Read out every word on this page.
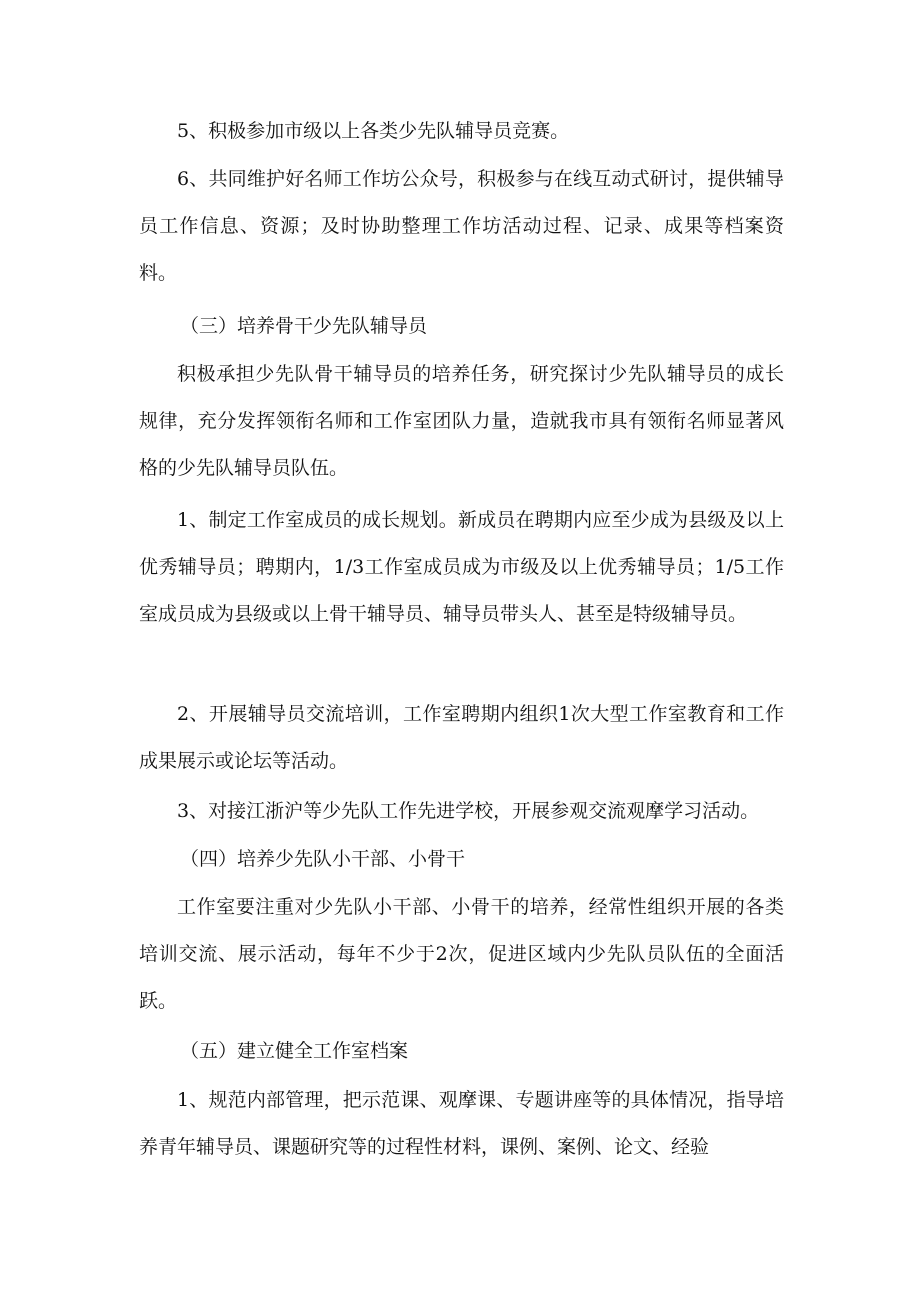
5、积极参加市级以上各类少先队辅导员竞赛。

6、共同维护好名师工作坊公众号，积极参与在线互动式研讨，提供辅导员工作信息、资源；及时协助整理工作坊活动过程、记录、成果等档案资料。

（三）培养骨干少先队辅导员

积极承担少先队骨干辅导员的培养任务，研究探讨少先队辅导员的成长规律，充分发挥领衔名师和工作室团队力量，造就我市具有领衔名师显著风格的少先队辅导员队伍。

1、制定工作室成员的成长规划。新成员在聘期内应至少成为县级及以上优秀辅导员；聘期内，1/3工作室成员成为市级及以上优秀辅导员；1/5工作室成员成为县级或以上骨干辅导员、辅导员带头人、甚至是特级辅导员。

2、开展辅导员交流培训，工作室聘期内组织1次大型工作室教育和工作成果展示或论坛等活动。

3、对接江浙沪等少先队工作先进学校，开展参观交流观摩学习活动。

（四）培养少先队小干部、小骨干

工作室要注重对少先队小干部、小骨干的培养，经常性组织开展的各类培训交流、展示活动，每年不少于2次，促进区域内少先队员队伍的全面活跃。

（五）建立健全工作室档案

1、规范内部管理，把示范课、观摩课、专题讲座等的具体情况，指导培养青年辅导员、课题研究等的过程性材料，课例、案例、论文、经验
